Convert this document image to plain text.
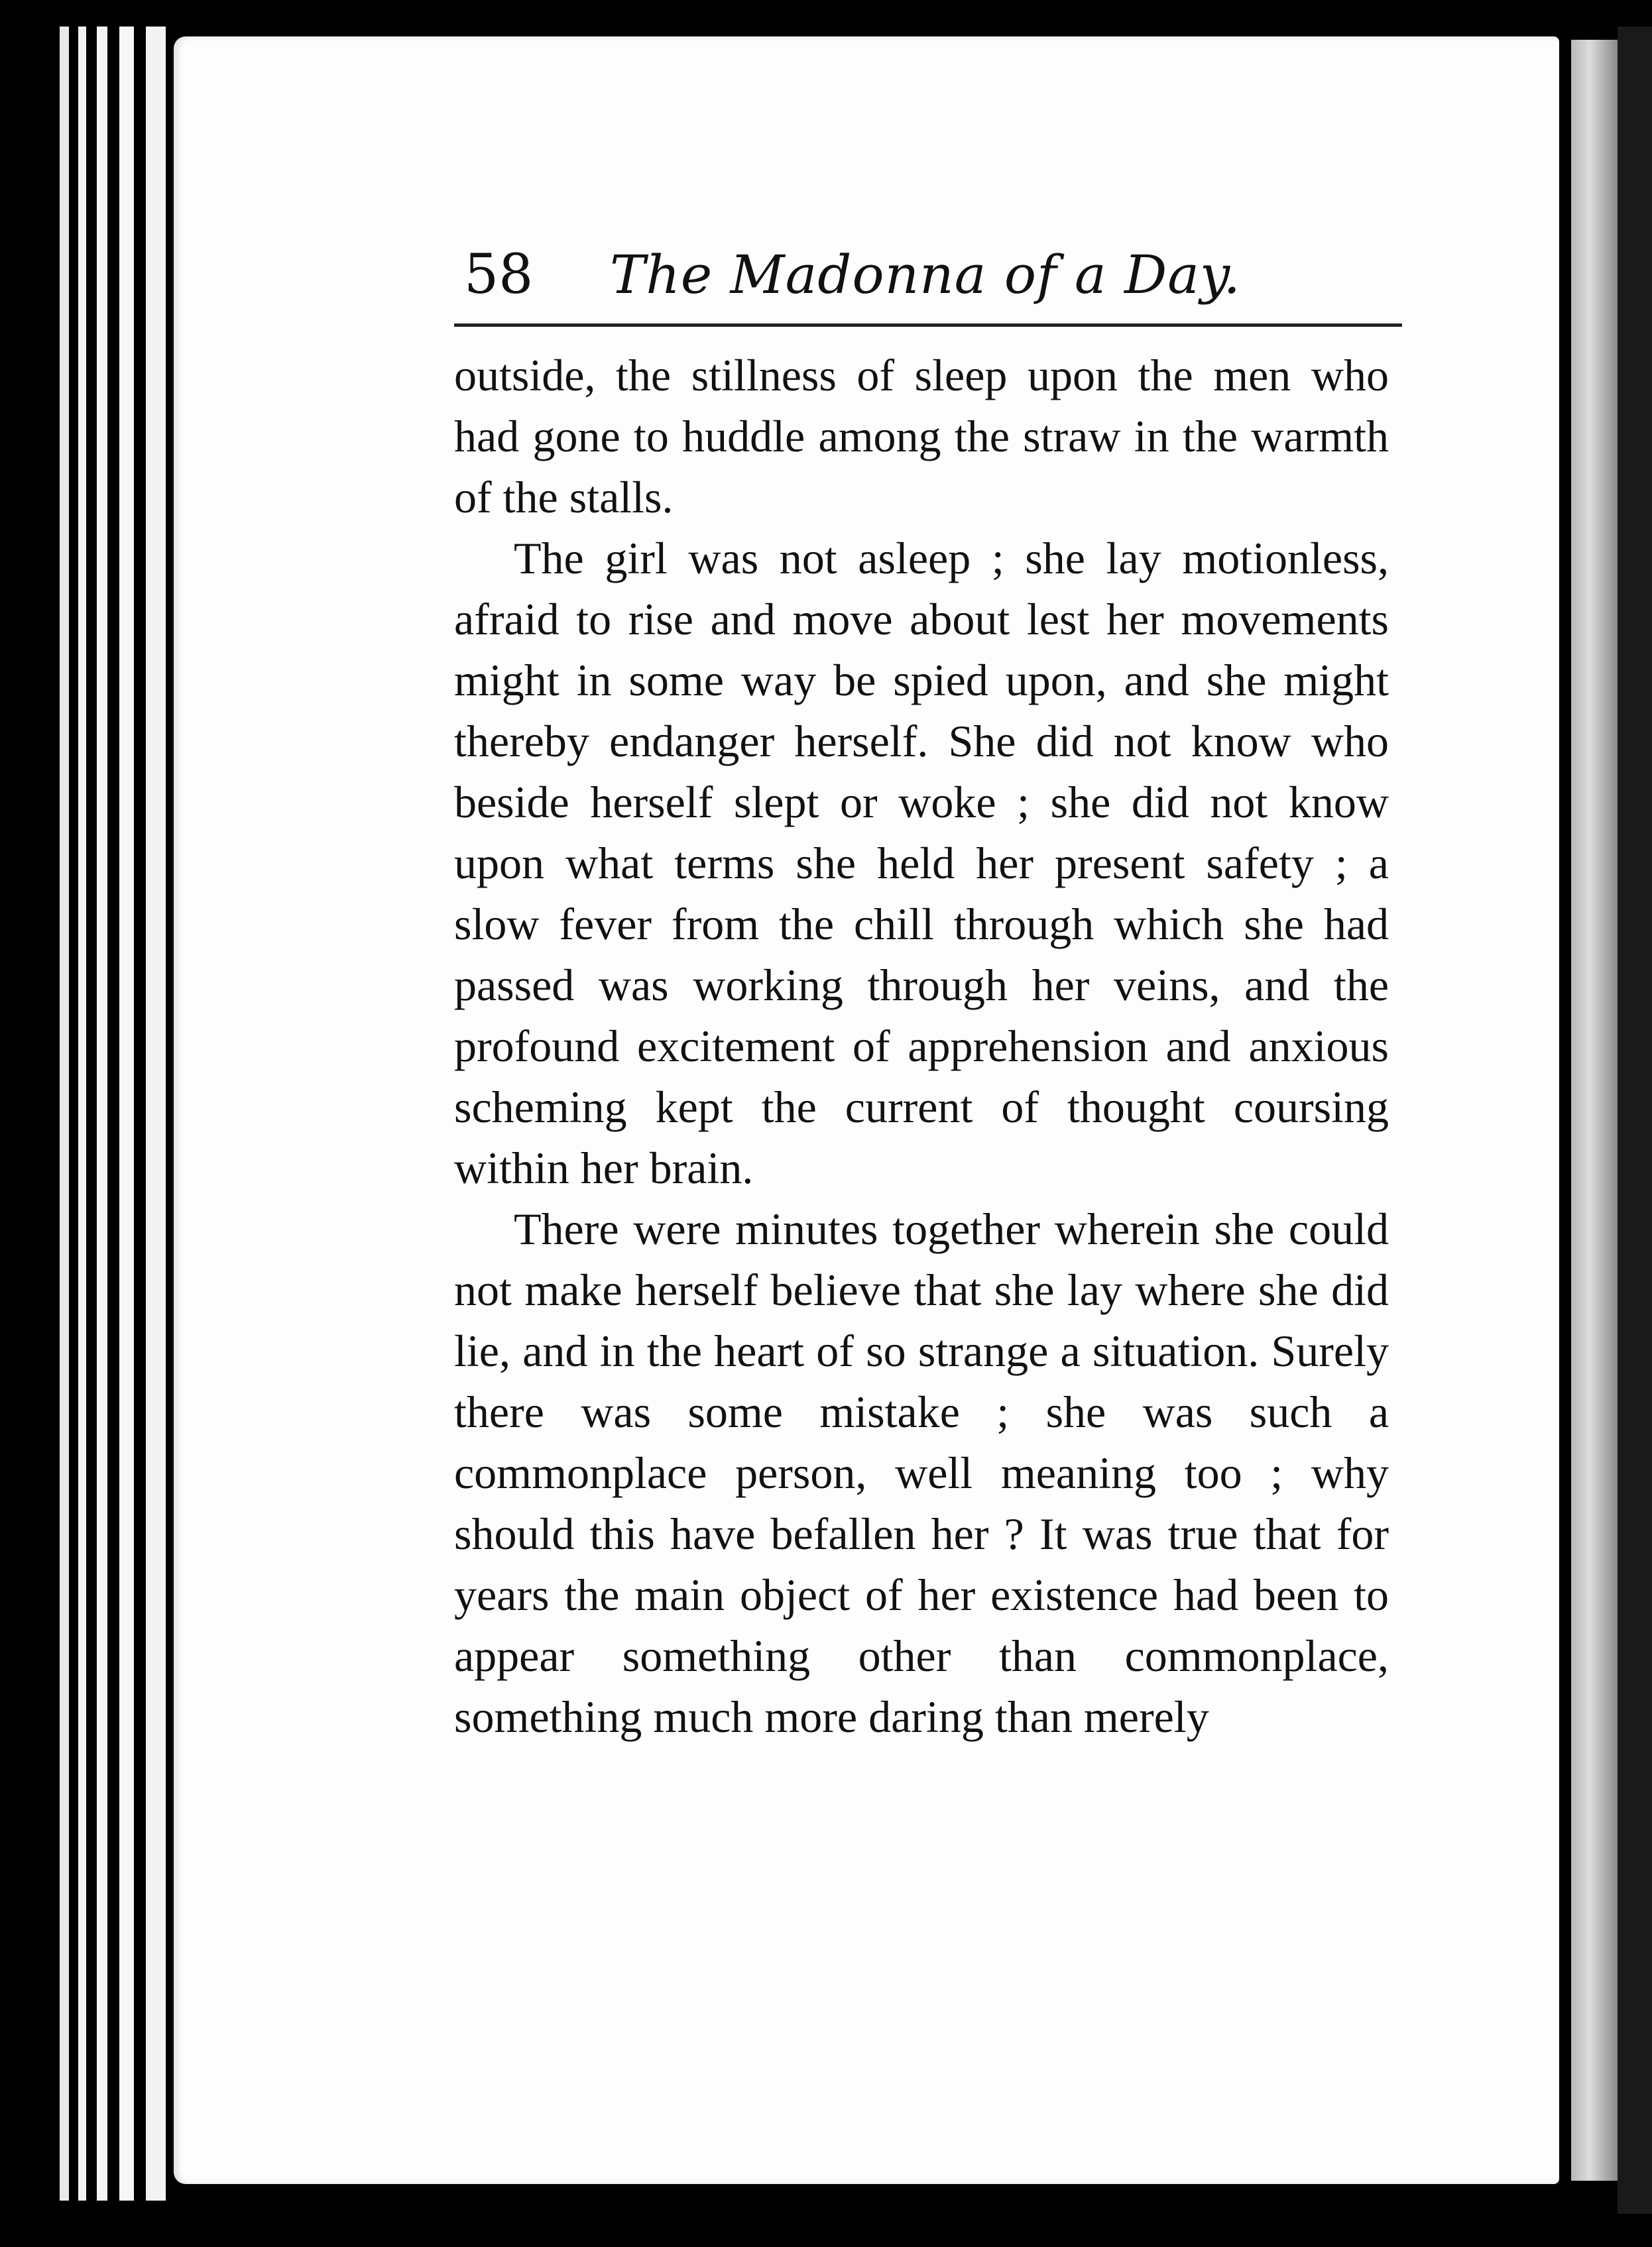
58 The Madonna of a Day.

outside, the stillness of sleep upon the men who had gone to huddle among the straw in the warmth of the stalls.

The girl was not asleep ; she lay motionless, afraid to rise and move about lest her movements might in some way be spied upon, and she might thereby endanger herself. She did not know who beside herself slept or woke ; she did not know upon what terms she held her present safety ; a slow fever from the chill through which she had passed was working through her veins, and the profound excitement of apprehension and anxious scheming kept the current of thought coursing within her brain.

There were minutes together wherein she could not make herself believe that she lay where she did lie, and in the heart of so strange a situation. Surely there was some mistake ; she was such a commonplace person, well meaning too ; why should this have befallen her ? It was true that for years the main object of her existence had been to appear something other than commonplace, something much more daring than merely
